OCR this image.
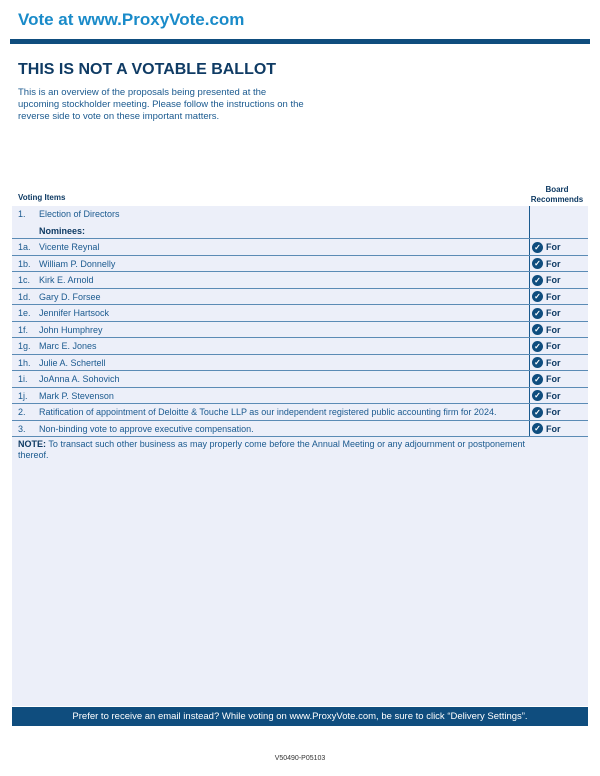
Vote at www.ProxyVote.com
THIS IS NOT A VOTABLE BALLOT
This is an overview of the proposals being presented at the upcoming stockholder meeting. Please follow the instructions on the reverse side to vote on these important matters.
Voting Items
Board
Recommends
1. Election of Directors
Nominees:
1a. Vicente Reynal	✓ For
1b. William P. Donnelly	✓ For
1c. Kirk E. Arnold	✓ For
1d. Gary D. Forsee	✓ For
1e. Jennifer Hartsock	✓ For
1f. John Humphrey	✓ For
1g. Marc E. Jones	✓ For
1h. Julie A. Schertell	✓ For
1i. JoAnna A. Sohovich	✓ For
1j. Mark P. Stevenson	✓ For
2. Ratification of appointment of Deloitte & Touche LLP as our independent registered public accounting firm for 2024.	✓ For
3. Non-binding vote to approve executive compensation.	✓ For
NOTE: To transact such other business as may properly come before the Annual Meeting or any adjournment or postponement thereof.
Prefer to receive an email instead? While voting on www.ProxyVote.com, be sure to click “Delivery Settings”.
V50490-P05103
